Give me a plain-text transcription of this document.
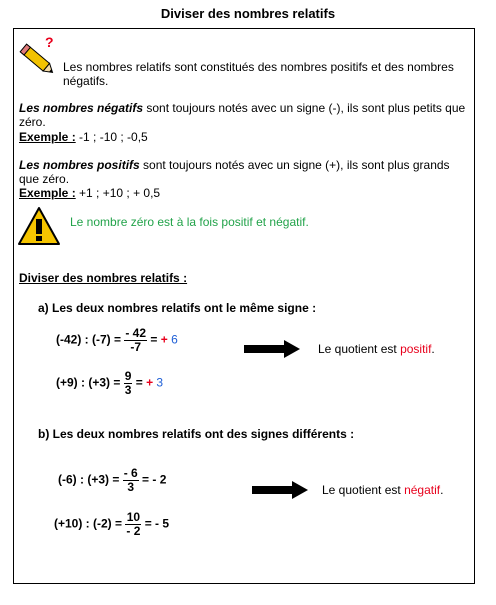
Diviser des nombres relatifs
?
Les nombres relatifs sont constitués des nombres positifs et des nombres négatifs.
Les nombres négatifs sont toujours notés avec un signe (-), ils sont plus petits que zéro.
Exemple : -1 ; -10 ; -0,5
Les nombres positifs sont toujours notés avec un signe (+), ils sont plus grands que zéro.
Exemple : +1 ; +10 ; + 0,5
Le nombre zéro est à la fois positif et négatif.
Diviser des nombres relatifs :
a) Les deux nombres relatifs ont le même signe :
(-42) : $(-7) = \frac{- 42}{-7}$ = + 6
(+9) : $(+3) = \frac{9}{3}$ = + 3
Le quotient est positif.
b) Les deux nombres relatifs ont des signes différents :
(-6) : $(+3) = \frac{- 6}{3}$ = - 2
(+10) : $(-2) = \frac{10}{- 2}$ = - 5
Le quotient est négatif.
